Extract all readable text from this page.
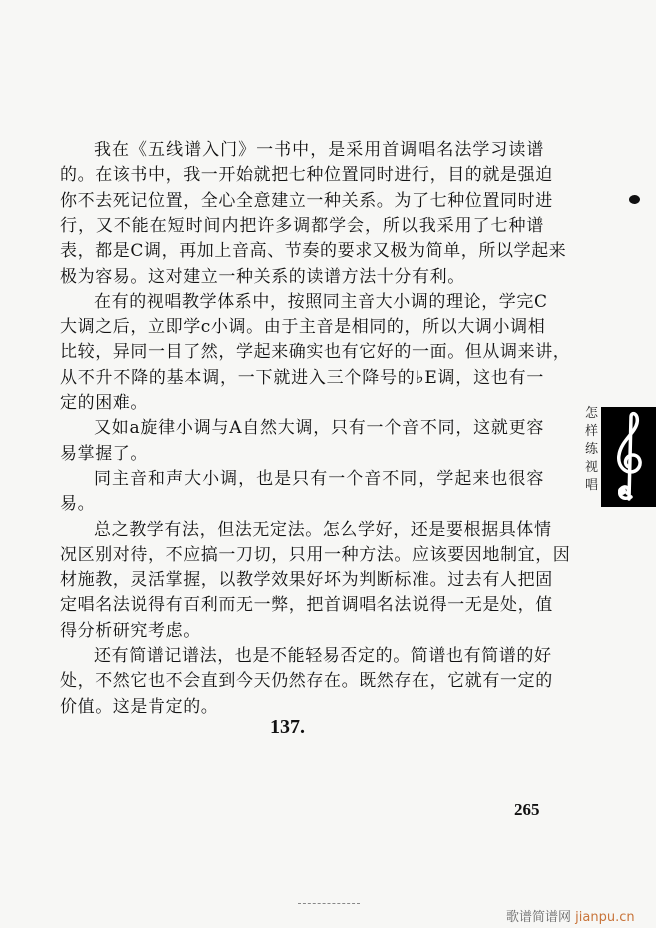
我在《五线谱入门》一书中，是采用首调唱名法学习读谱
的。在该书中，我一开始就把七种位置同时进行，目的就是强迫
你不去死记位置，全心全意建立一种关系。为了七种位置同时进
行，又不能在短时间内把许多调都学会，所以我采用了七种谱
表，都是C调，再加上音高、节奏的要求又极为简单，所以学起来
极为容易。这对建立一种关系的读谱方法十分有利。
在有的视唱教学体系中，按照同主音大小调的理论，学完C
大调之后，立即学c小调。由于主音是相同的，所以大调小调相
比较，异同一目了然，学起来确实也有它好的一面。但从调来讲，
从不升不降的基本调，一下就进入三个降号的♭E调，这也有一
定的困难。
又如a旋律小调与A自然大调，只有一个音不同，这就更容
易掌握了。
同主音和声大小调，也是只有一个音不同，学起来也很容
易。
总之教学有法，但法无定法。怎么学好，还是要根据具体情
况区别对待，不应搞一刀切，只用一种方法。应该要因地制宜，因
材施教，灵活掌握，以教学效果好坏为判断标准。过去有人把固
定唱名法说得有百利而无一弊，把首调唱名法说得一无是处，值
得分析研究考虑。
还有简谱记谱法，也是不能轻易否定的。简谱也有简谱的好
处，不然它也不会直到今天仍然存在。既然存在，它就有一定的
价值。这是肯定的。
137.
265
怎
样
练
视
唱
歌谱简谱网 jianpu.cn
